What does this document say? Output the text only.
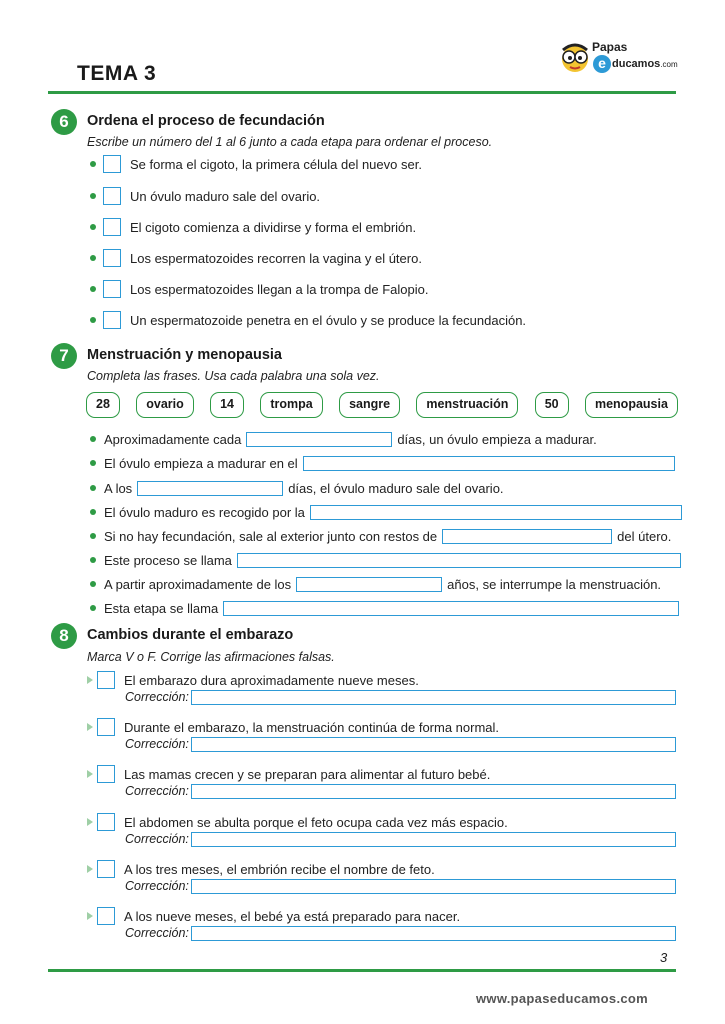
TEMA 3
Papas
e ducamos.com
6	Ordena el proceso de fecundación
Escribe un número del 1 al 6 junto a cada etapa para ordenar el proceso.
Se forma el cigoto, la primera célula del nuevo ser.
Un óvulo maduro sale del ovario.
El cigoto comienza a dividirse y forma el embrión.
Los espermatozoides recorren la vagina y el útero.
Los espermatozoides llegan a la trompa de Falopio.
Un espermatozoide penetra en el óvulo y se produce la fecundación.
7	Menstruación y menopausia
Completa las frases. Usa cada palabra una sola vez.
28	ovario	14	trompa	sangre	menstruación	50	menopausia
Aproximadamente cada	días, un óvulo empieza a madurar.
El óvulo empieza a madurar en el
A los	días, el óvulo maduro sale del ovario.
El óvulo maduro es recogido por la
Si no hay fecundación, sale al exterior junto con restos de	del útero.
Este proceso se llama
A partir aproximadamente de los	años, se interrumpe la menstruación.
Esta etapa se llama
8	Cambios durante el embarazo
Marca V o F. Corrige las afirmaciones falsas.
El embarazo dura aproximadamente nueve meses.
Corrección:
Durante el embarazo, la menstruación continúa de forma normal.
Corrección:
Las mamas crecen y se preparan para alimentar al futuro bebé.
Corrección:
El abdomen se abulta porque el feto ocupa cada vez más espacio.
Corrección:
A los tres meses, el embrión recibe el nombre de feto.
Corrección:
A los nueve meses, el bebé ya está preparado para nacer.
Corrección:
3
www.papaseducamos.com
